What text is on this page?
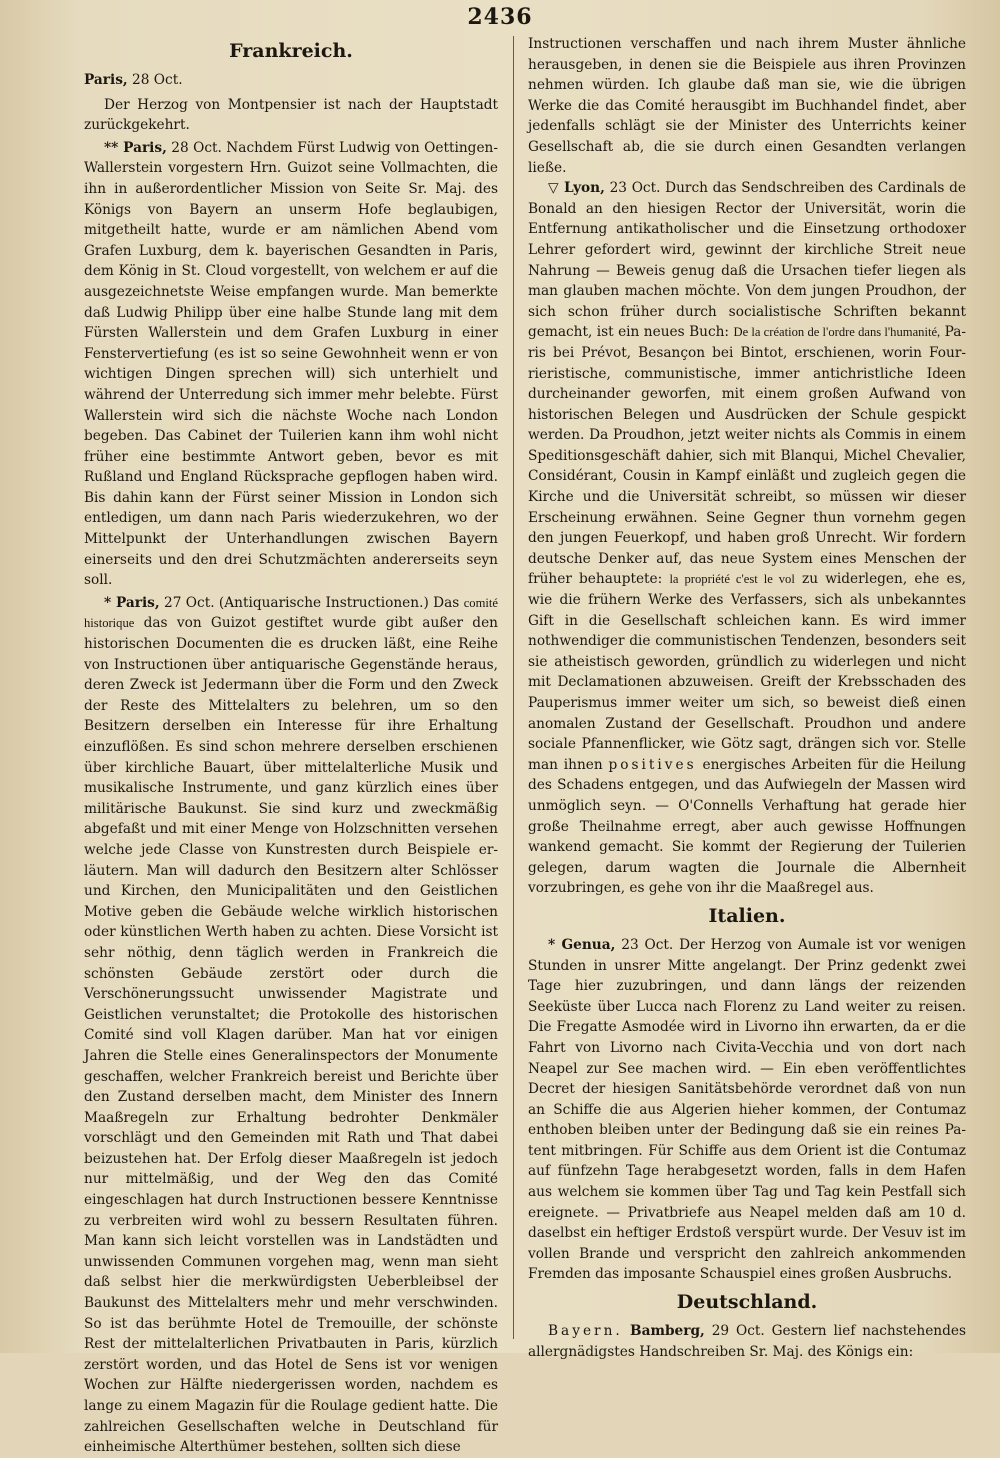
2436
Frankreich.

Paris, 28 Oct.

Der Herzog von Montpensier ist nach der Hauptstadt zurückgekehrt.

** Paris, 28 Oct. Nachdem Fürst Ludwig von Oettingen-Wallerstein vorgestern Hrn. Guizot seine Vollmachten, die ihn in außerordentlicher Mission von Seite Sr. Maj. des Königs von Bayern an unserm Hofe beglaubigen, mitgetheilt hatte, wurde er am nämlichen Abend vom Grafen Luxburg, dem k. bayerischen Gesandten in Paris, dem König in St. Cloud vorgestellt, von welchem er auf die ausgezeichnetste Weise empfangen wurde. Man bemerkte daß Ludwig Philipp über eine halbe Stunde lang mit dem Fürsten Wallerstein und dem Grafen Luxburg in einer Fenstervertiefung (es ist so seine Gewohnheit wenn er von wichtigen Dingen sprechen will) sich unterhielt und während der Unterredung sich immer mehr belebte. Fürst Wallerstein wird sich die nächste Woche nach London begeben. Das Cabinet der Tuilerien kann ihm wohl nicht früher eine bestimmte Antwort geben, bevor es mit Rußland und England Rücksprache gepflogen haben wird. Bis dahin kann der Fürst seiner Mission in London sich entledigen, um dann nach Paris wiederzukehren, wo der Mittelpunkt der Unterhandlungen zwischen Bayern einerseits und den drei Schutzmächten andererseits seyn soll.

* Paris, 27 Oct. (Antiquarische Instructionen.) Das comité historique das von Guizot gestiftet wurde gibt außer den historischen Documenten die es drucken läßt, eine Reihe von Instructionen über antiquarische Gegenstände heraus, deren Zweck ist Jedermann über die Form und den Zweck der Reste des Mittelalters zu belehren, um so den Besitzern derselben ein Interesse für ihre Erhaltung einzuflößen. Es sind schon mehrere derselben erschienen über kirchliche Bauart, über mittelalterliche Musik und musikalische Instrumente, und ganz kürzlich eines über militärische Baukunst. Sie sind kurz und zweckmäßig abgefaßt und mit einer Menge von Holzschnitten versehen welche jede Classe von Kunstresten durch Beispiele erläutern. Man will dadurch den Besitzern alter Schlösser und Kirchen, den Municipalitäten und den Geistlichen Motive geben die Gebäude welche wirklich historischen oder künstlichen Werth haben zu achten. Diese Vorsicht ist sehr nöthig, denn täglich werden in Frankreich die schönsten Gebäude zerstört oder durch die Verschönerungssucht unwissender Magistrate und Geistlichen verunstaltet; die Protokolle des historischen Comité sind voll Klagen darüber. Man hat vor einigen Jahren die Stelle eines Generalinspectors der Monumente geschaffen, welcher Frankreich bereist und Berichte über den Zustand derselben macht, dem Minister des Innern Maaßregeln zur Erhaltung bedrohter Denkmäler vorschlägt und den Gemeinden mit Rath und That dabei beizustehen hat. Der Erfolg dieser Maaßregeln ist jedoch nur mittelmäßig, und der Weg den das Comité eingeschlagen hat durch Instructionen bessere Kenntnisse zu verbreiten wird wohl zu bessern Resultaten führen. Man kann sich leicht vorstellen was in Landstädten und unwissenden Communen vorgehen mag, wenn man sieht daß selbst hier die merkwürdigsten Ueberbleibsel der Baukunst des Mittelalters mehr und mehr verschwinden. So ist das berühmte Hotel de Tremouille, der schönste Rest der mittelalterlichen Privatbauten in Paris, kürzlich zerstört worden, und das Hotel de Sens ist vor wenigen Wochen zur Hälfte niedergerissen worden, nachdem es lange zu einem Magazin für die Roulage gedient hatte. Die zahlreichen Gesellschaften welche in Deutschland für einheimische Alterthümer bestehen, sollten sich diese

Instructionen verschaffen und nach ihrem Muster ähnliche herausgeben, in denen sie die Beispiele aus ihren Provinzen nehmen würden. Ich glaube daß man sie, wie die übrigen Werke die das Comité herausgibt im Buchhandel findet, aber jedenfalls schlägt sie der Minister des Unterrichts keiner Gesellschaft ab, die sie durch einen Gesandten verlangen ließe.

▽ Lyon, 23 Oct. Durch das Sendschreiben des Cardinals de Bonald an den hiesigen Rector der Universität, worin die Entfernung antikatholischer und die Einsetzung orthodoxer Lehrer gefordert wird, gewinnt der kirchliche Streit neue Nahrung — Beweis genug daß die Ursachen tiefer liegen als man glauben machen möchte. Von dem jungen Proudhon, der sich schon früher durch socialistische Schriften bekannt gemacht, ist ein neues Buch: De la création de l'ordre dans l'humanité, Paris bei Prévot, Besançon bei Bintot, erschienen, worin Fourrieristische, communistische, immer antichristliche Ideen durcheinander geworfen, mit einem großen Aufwand von historischen Belegen und Ausdrücken der Schule gespickt werden. Da Proudhon, jetzt weiter nichts als Commis in einem Speditionsgeschäft dahier, sich mit Blanqui, Michel Chevalier, Considérant, Cousin in Kampf einläßt und zugleich gegen die Kirche und die Universität schreibt, so müssen wir dieser Erscheinung erwähnen. Seine Gegner thun vornehm gegen den jungen Feuerkopf, und haben groß Unrecht. Wir fordern deutsche Denker auf, das neue System eines Menschen der früher behauptete: la propriété c'est le vol zu widerlegen, ehe es, wie die frühern Werke des Verfassers, sich als unbekanntes Gift in die Gesellschaft schleichen kann. Es wird immer nothwendiger die communistischen Tendenzen, besonders seit sie atheistisch geworden, gründlich zu widerlegen und nicht mit Declamationen abzuweisen. Greift der Krebsschaden des Pauperismus immer weiter um sich, so beweist dieß einen anomalen Zustand der Gesellschaft. Proudhon und andere sociale Pfannenflicker, wie Götz sagt, drängen sich vor. Stelle man ihnen positives energisches Arbeiten für die Heilung des Schadens entgegen, und das Aufwiegeln der Massen wird unmöglich seyn. — O'Connells Verhaftung hat gerade hier große Theilnahme erregt, aber auch gewisse Hoffnungen wankend gemacht. Sie kommt der Regierung der Tuilerien gelegen, darum wagten die Journale die Albernheit vorzubringen, es gehe von ihr die Maaßregel aus.

Italien.

* Genua, 23 Oct. Der Herzog von Aumale ist vor wenigen Stunden in unsrer Mitte angelangt. Der Prinz gedenkt zwei Tage hier zuzubringen, und dann längs der reizenden Seeküste über Lucca nach Florenz zu Land weiter zu reisen. Die Fregatte Asmodée wird in Livorno ihn erwarten, da er die Fahrt von Livorno nach Civita-Vecchia und von dort nach Neapel zur See machen wird. — Ein eben veröffentlichtes Decret der hiesigen Sanitätsbehörde verordnet daß von nun an Schiffe die aus Algerien hieher kommen, der Contumaz enthoben bleiben unter der Bedingung daß sie ein reines Patent mitbringen. Für Schiffe aus dem Orient ist die Contumaz auf fünfzehn Tage herabgesetzt worden, falls in dem Hafen aus welchem sie kommen über Tag und Tag kein Pestfall sich ereignete. — Privatbriefe aus Neapel melden daß am 10 d. daselbst ein heftiger Erdstoß verspürt wurde. Der Vesuv ist im vollen Brande und verspricht den zahlreich ankommenden Fremden das imposante Schauspiel eines großen Ausbruchs.

Deutschland.

Bayern. Bamberg, 29 Oct. Gestern lief nachstehendes allergnädigstes Handschreiben Sr. Maj. des Königs ein:
